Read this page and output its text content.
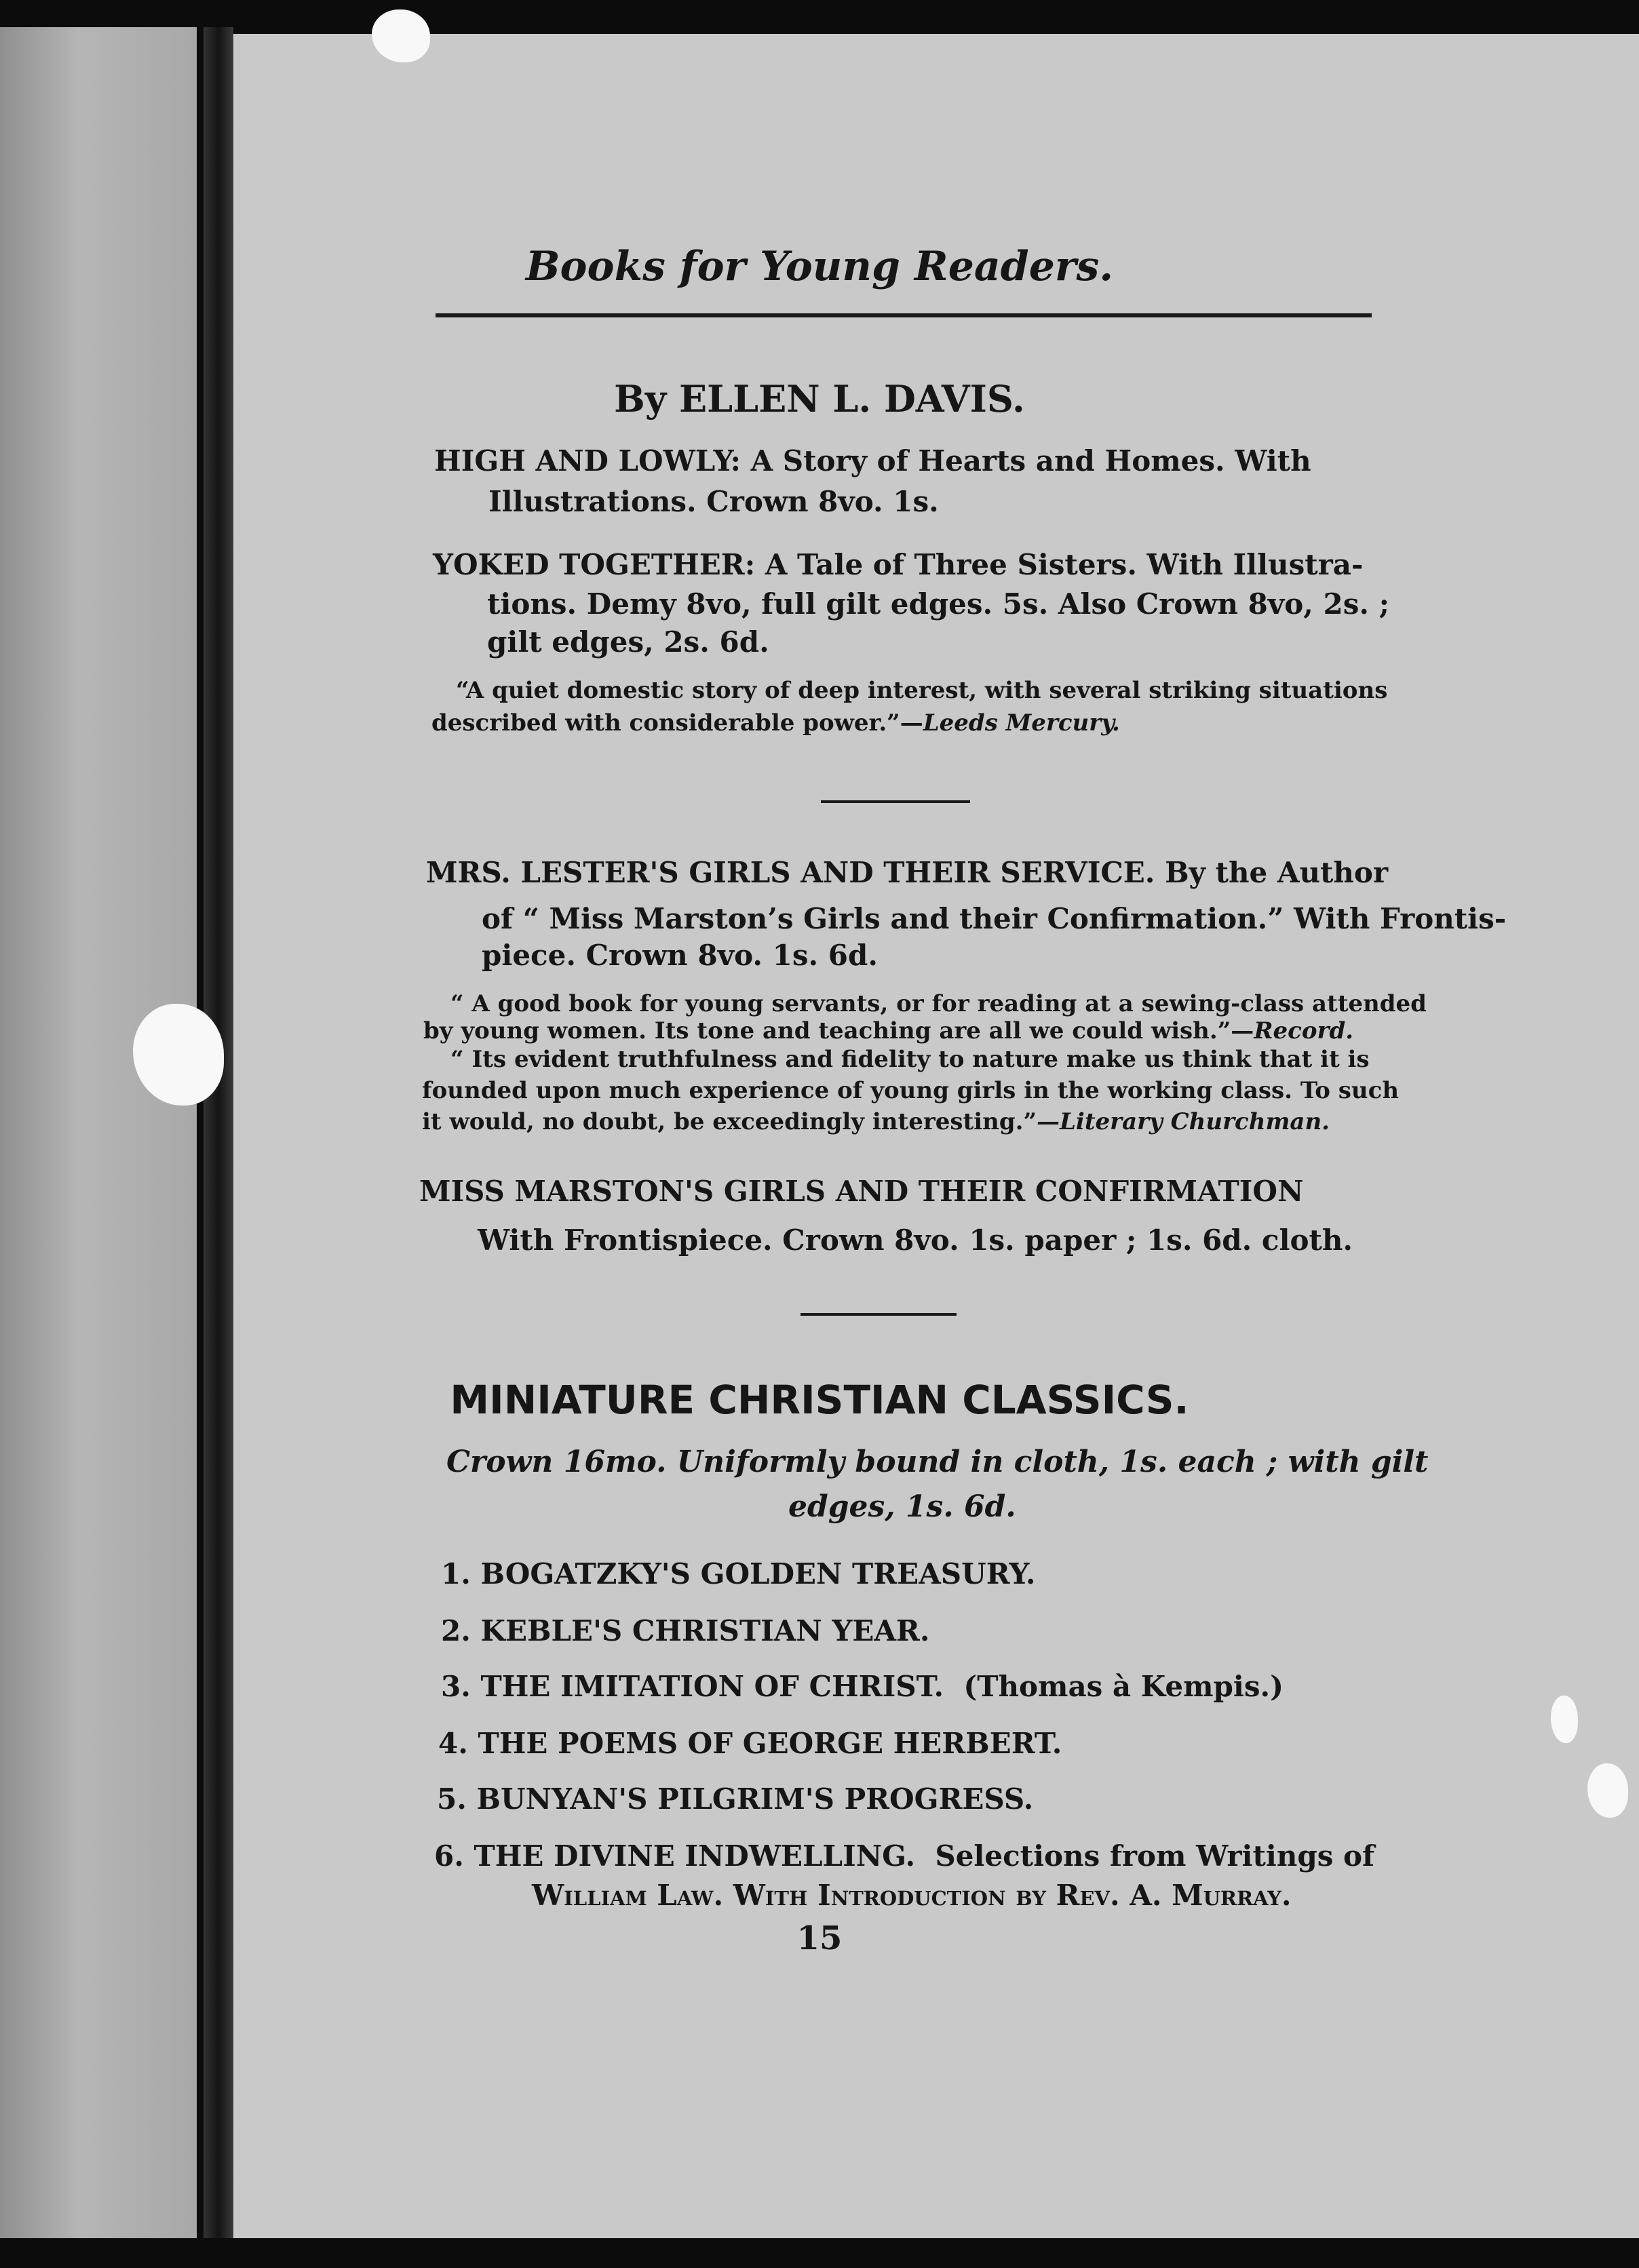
Books for Young Readers.

By ELLEN L. DAVIS.

HIGH AND LOWLY: A Story of Hearts and Homes. With

Illustrations. Crown 8vo. 1s.

YOKED TOGETHER: A Tale of Three Sisters. With Illustra-

tions. Demy 8vo, full gilt edges. 5s. Also Crown 8vo, 2s. ;

gilt edges, 2s. 6d.

“A quiet domestic story of deep interest, with several striking situations

described with considerable power.”—Leeds Mercury.

MRS. LESTER'S GIRLS AND THEIR SERVICE. By the Author

of “ Miss Marston’s Girls and their Confirmation.” With Frontis-

piece. Crown 8vo. 1s. 6d.

“ A good book for young servants, or for reading at a sewing-class attended

by young women. Its tone and teaching are all we could wish.”—Record.

“ Its evident truthfulness and fidelity to nature make us think that it is

founded upon much experience of young girls in the working class. To such

it would, no doubt, be exceedingly interesting.”—Literary Churchman.

MISS MARSTON'S GIRLS AND THEIR CONFIRMATION

With Frontispiece. Crown 8vo. 1s. paper ; 1s. 6d. cloth.

MINIATURE CHRISTIAN CLASSICS.

Crown 16mo. Uniformly bound in cloth, 1s. each ; with gilt

edges, 1s. 6d.

1. BOGATZKY'S GOLDEN TREASURY.

2. KEBLE'S CHRISTIAN YEAR.

3. THE IMITATION OF CHRIST. (Thomas à Kempis.)

4. THE POEMS OF GEORGE HERBERT.

5. BUNYAN'S PILGRIM'S PROGRESS.

6. THE DIVINE INDWELLING. Selections from Writings of

William Law. With Introduction by Rev. A. Murray.

15
